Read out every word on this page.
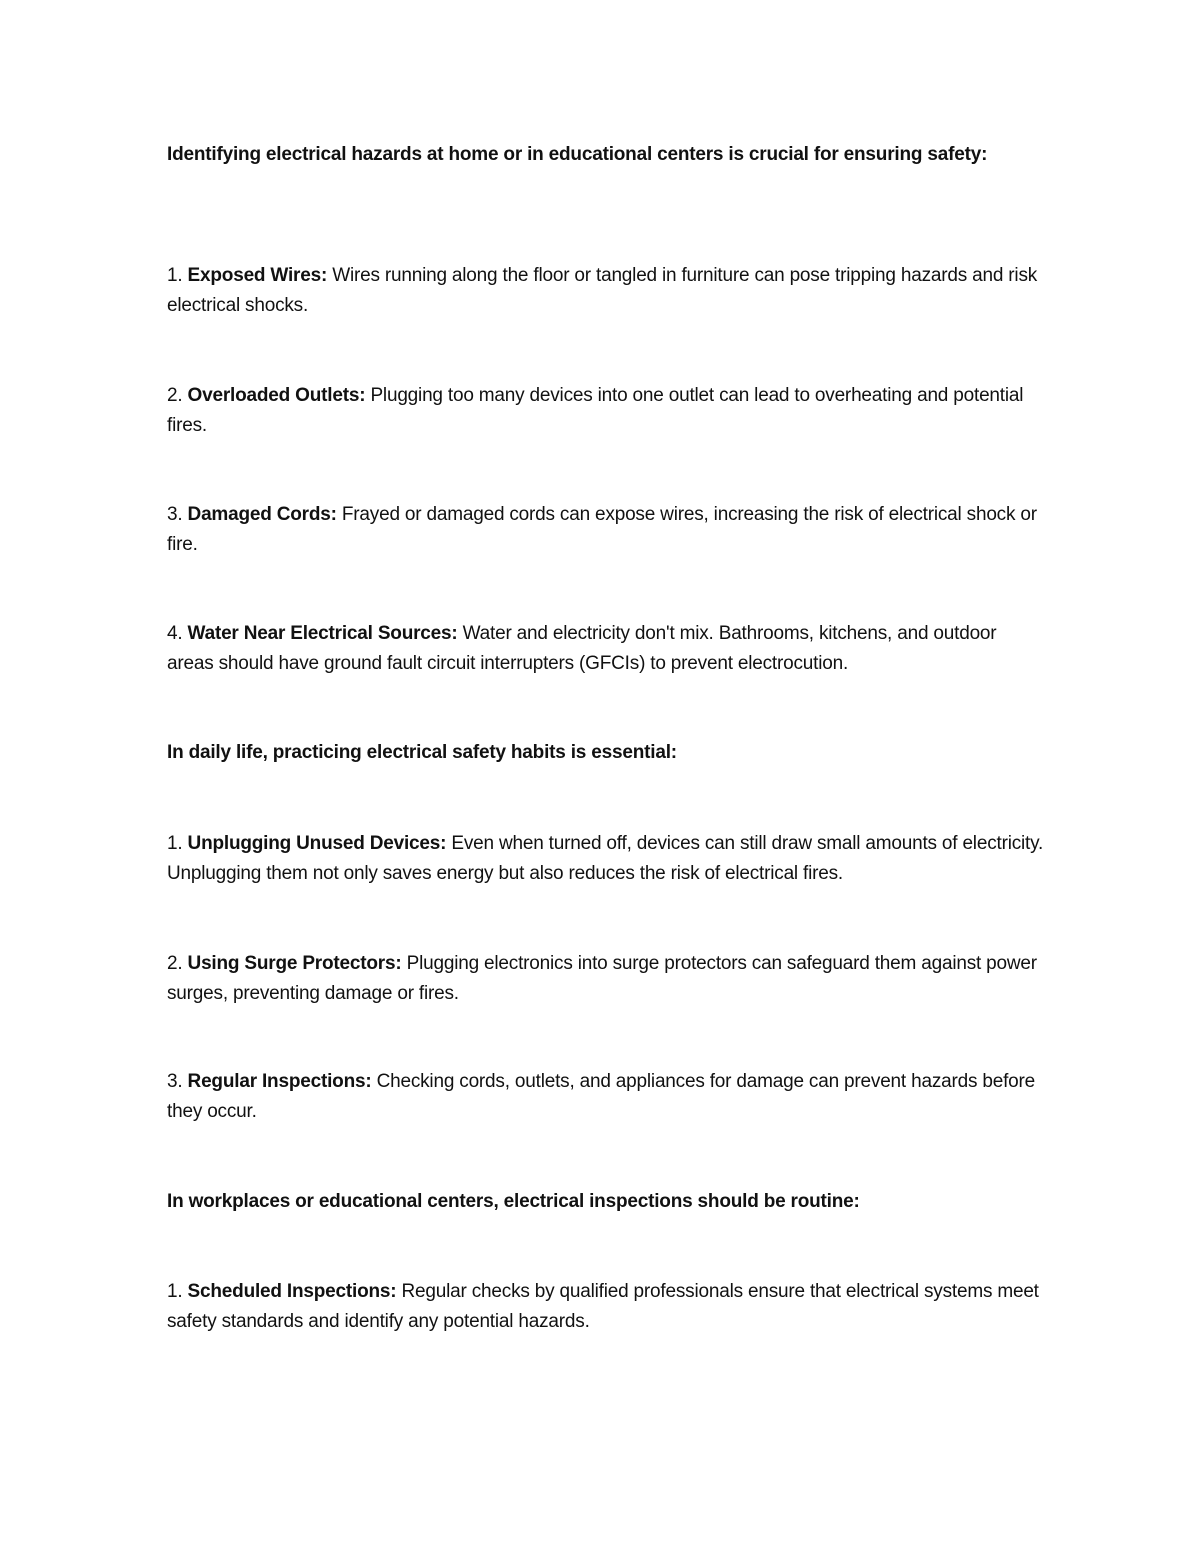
Identifying electrical hazards at home or in educational centers is crucial for ensuring safety:
1. Exposed Wires: Wires running along the floor or tangled in furniture can pose tripping hazards and risk electrical shocks.
2. Overloaded Outlets: Plugging too many devices into one outlet can lead to overheating and potential fires.
3. Damaged Cords: Frayed or damaged cords can expose wires, increasing the risk of electrical shock or fire.
4. Water Near Electrical Sources: Water and electricity don't mix. Bathrooms, kitchens, and outdoor areas should have ground fault circuit interrupters (GFCIs) to prevent electrocution.
In daily life, practicing electrical safety habits is essential:
1. Unplugging Unused Devices: Even when turned off, devices can still draw small amounts of electricity. Unplugging them not only saves energy but also reduces the risk of electrical fires.
2. Using Surge Protectors: Plugging electronics into surge protectors can safeguard them against power surges, preventing damage or fires.
3. Regular Inspections: Checking cords, outlets, and appliances for damage can prevent hazards before they occur.
In workplaces or educational centers, electrical inspections should be routine:
1. Scheduled Inspections: Regular checks by qualified professionals ensure that electrical systems meet safety standards and identify any potential hazards.
